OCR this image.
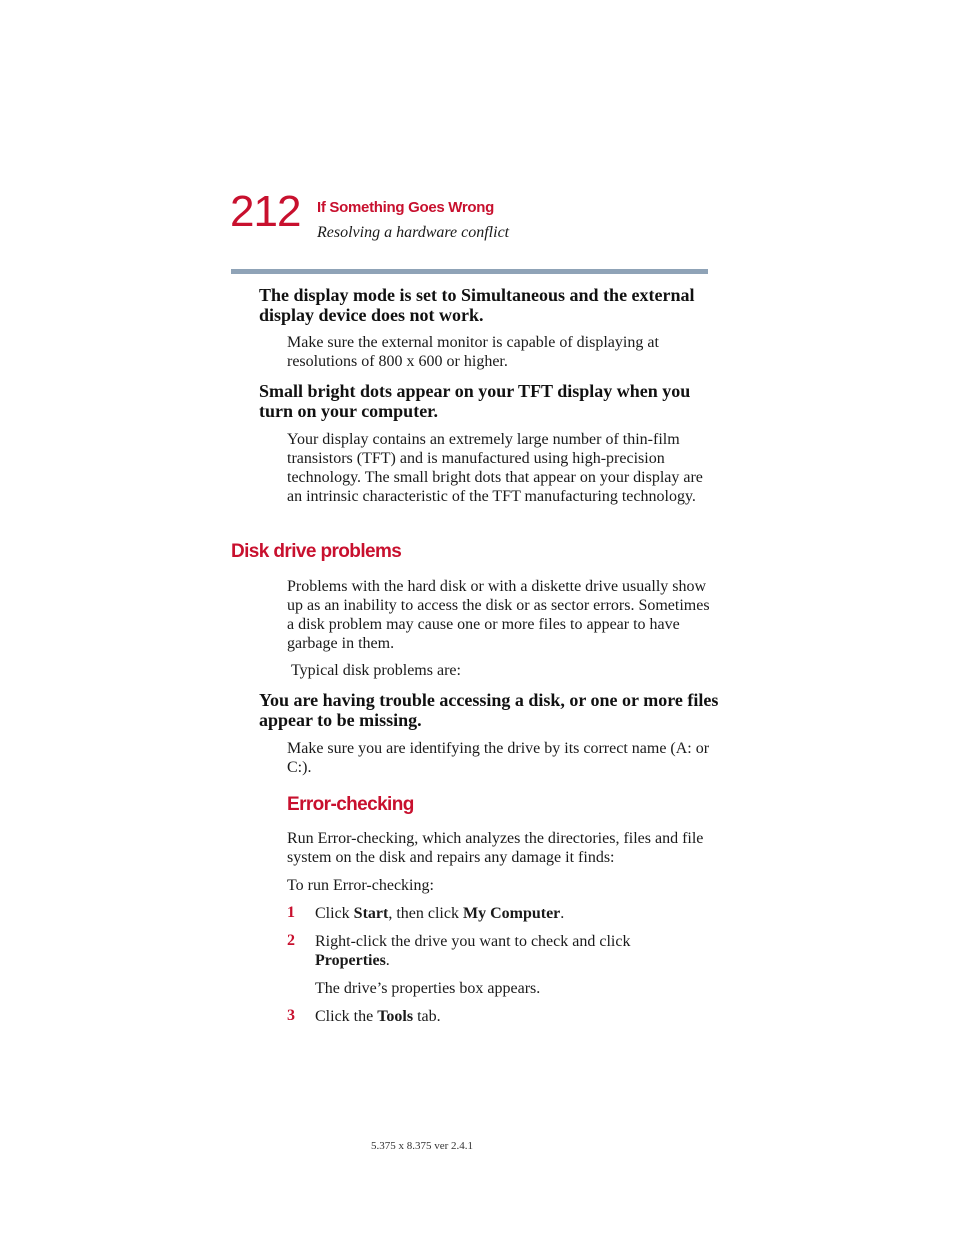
212 If Something Goes Wrong
Resolving a hardware conflict
The display mode is set to Simultaneous and the external display device does not work.
Make sure the external monitor is capable of displaying at resolutions of 800 x 600 or higher.
Small bright dots appear on your TFT display when you turn on your computer.
Your display contains an extremely large number of thin-film transistors (TFT) and is manufactured using high-precision technology. The small bright dots that appear on your display are an intrinsic characteristic of the TFT manufacturing technology.
Disk drive problems
Problems with the hard disk or with a diskette drive usually show up as an inability to access the disk or as sector errors. Sometimes a disk problem may cause one or more files to appear to have garbage in them.
Typical disk problems are:
You are having trouble accessing a disk, or one or more files appear to be missing.
Make sure you are identifying the drive by its correct name (A: or C:).
Error-checking
Run Error-checking, which analyzes the directories, files and file system on the disk and repairs any damage it finds:
To run Error-checking:
1 Click Start, then click My Computer.
2 Right-click the drive you want to check and click Properties.
The drive’s properties box appears.
3 Click the Tools tab.
5.375 x 8.375 ver 2.4.1
